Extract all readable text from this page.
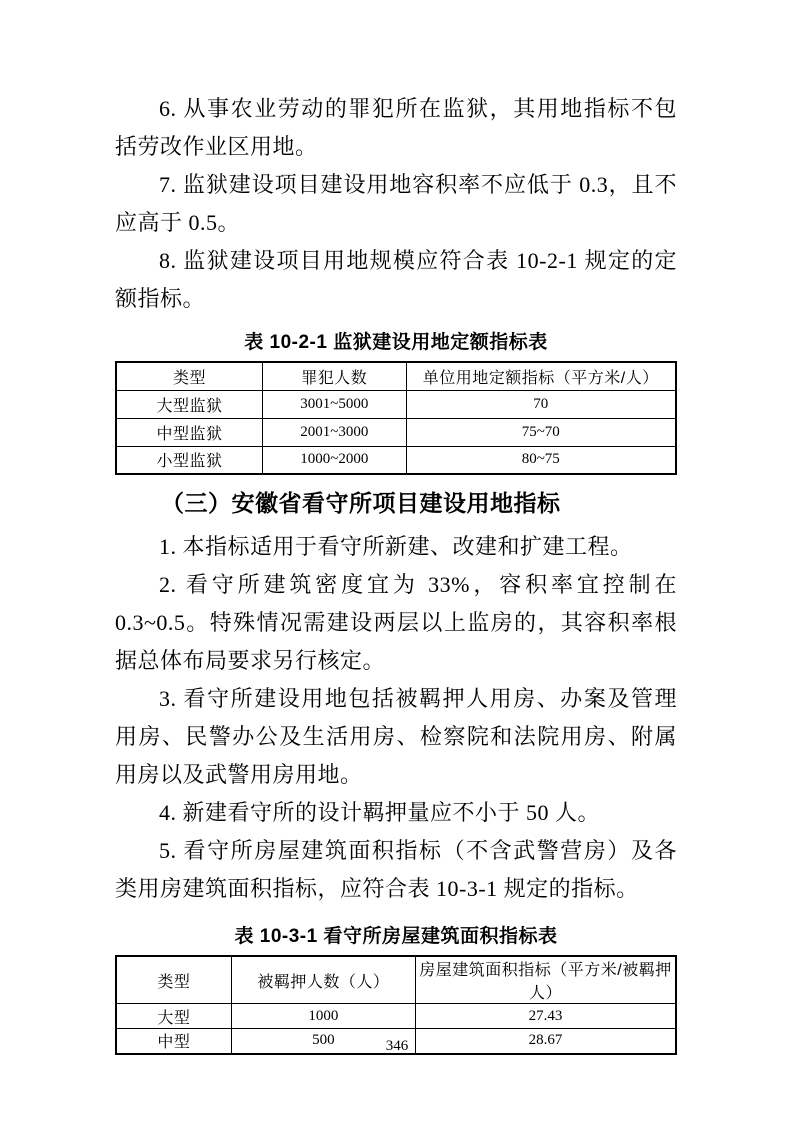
6. 从事农业劳动的罪犯所在监狱，其用地指标不包括劳改作业区用地。

7. 监狱建设项目建设用地容积率不应低于 0.3，且不应高于 0.5。

8. 监狱建设项目用地规模应符合表 10-2-1 规定的定额指标。

表 10-2-1 监狱建设用地定额指标表
类型	罪犯人数	单位用地定额指标（平方米/人）
大型监狱	3001~5000	70
中型监狱	2001~3000	75~70
小型监狱	1000~2000	80~75
（三）安徽省看守所项目建设用地指标

1. 本指标适用于看守所新建、改建和扩建工程。

2. 看守所建筑密度宜为 33%，容积率宜控制在 0.3~0.5。特殊情况需建设两层以上监房的，其容积率根据总体布局要求另行核定。

3. 看守所建设用地包括被羁押人用房、办案及管理用房、民警办公及生活用房、检察院和法院用房、附属用房以及武警用房用地。

4. 新建看守所的设计羁押量应不小于 50 人。

5. 看守所房屋建筑面积指标（不含武警营房）及各类用房建筑面积指标，应符合表 10-3-1 规定的指标。

表 10-3-1 看守所房屋建筑面积指标表
类型	被羁押人数（人）	房屋建筑面积指标（平方米/被羁押人）
大型	1000	27.43
中型	500	28.67
346
